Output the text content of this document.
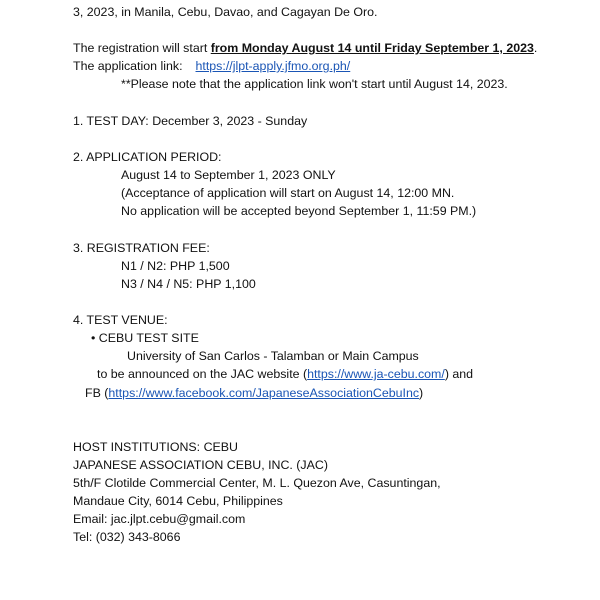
3, 2023, in Manila, Cebu, Davao, and Cagayan De Oro.
The registration will start from Monday August 14 until Friday September 1, 2023.
The application link: https://jlpt-apply.jfmo.org.ph/
**Please note that the application link won't start until August 14, 2023.
1. TEST DAY: December 3, 2023 - Sunday
2. APPLICATION PERIOD:
August 14 to September 1, 2023 ONLY
(Acceptance of application will start on August 14, 12:00 MN.
No application will be accepted beyond September 1, 11:59 PM.)
3. REGISTRATION FEE:
N1 / N2: PHP 1,500
N3 / N4 / N5: PHP 1,100
4. TEST VENUE:
• CEBU TEST SITE
University of San Carlos - Talamban or Main Campus
to be announced on the JAC website (https://www.ja-cebu.com/) and
FB (https://www.facebook.com/JapaneseAssociationCebuInc)
HOST INSTITUTIONS: CEBU
JAPANESE ASSOCIATION CEBU, INC. (JAC)
5th/F Clotilde Commercial Center, M. L. Quezon Ave, Casuntingan,
Mandaue City, 6014 Cebu, Philippines
Email: jac.jlpt.cebu@gmail.com
Tel: (032) 343-8066
